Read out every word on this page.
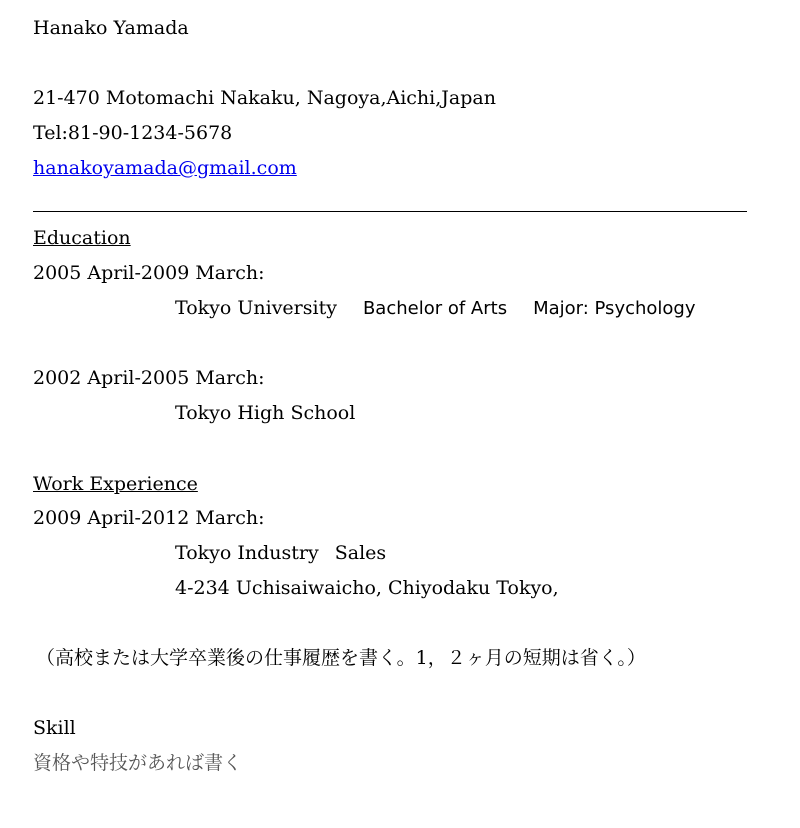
Hanako Yamada
21-470 Motomachi Nakaku, Nagoya,Aichi,Japan
Tel:81-90-1234-5678
hanakoyamada@gmail.com
Education
2005 April-2009 March:
Tokyo University Bachelor of Arts Major: Psychology
2002 April-2005 March:
Tokyo High School
Work Experience
2009 April-2012 March:
Tokyo Industry Sales
4-234 Uchisaiwaicho, Chiyodaku Tokyo,
（高校または大学卒業後の仕事履歴を書く。1，２ヶ月の短期は省く。）
Skill
資格や特技があれば書く
